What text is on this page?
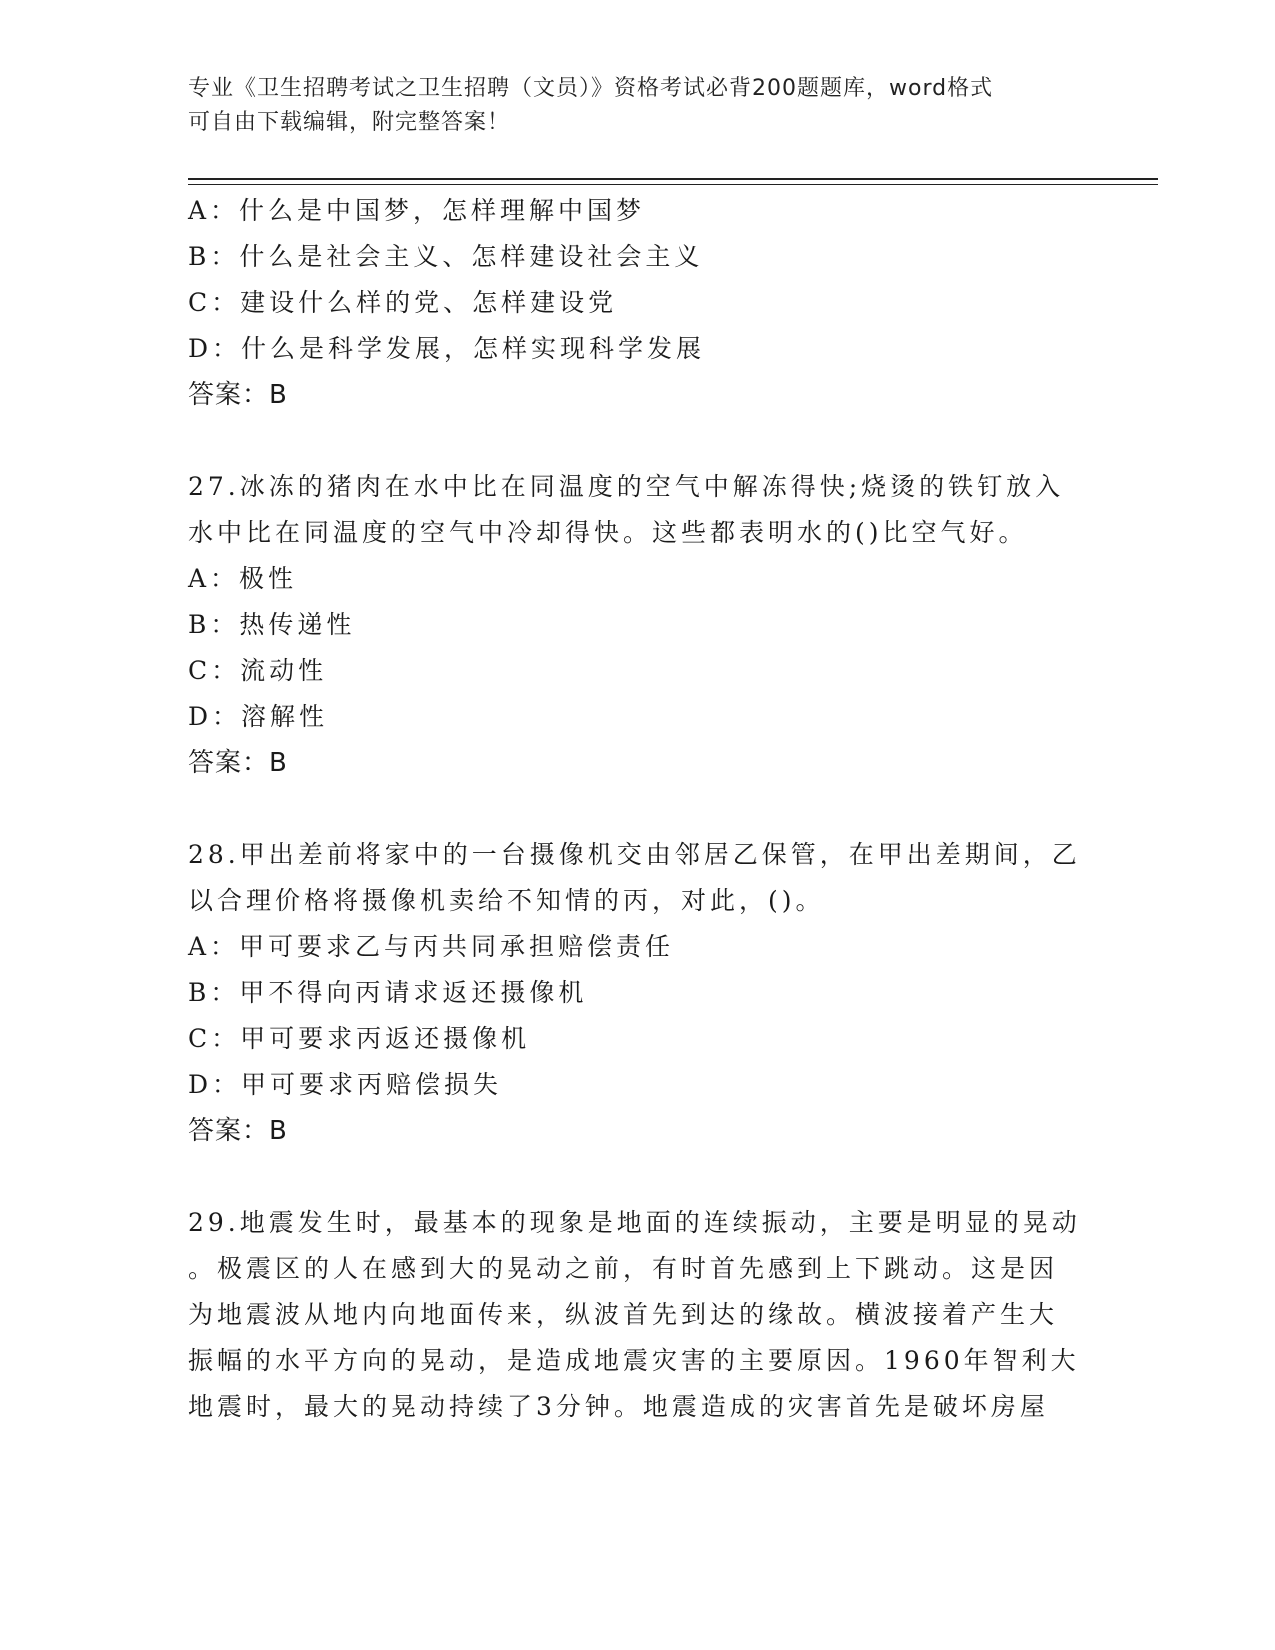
专业《卫生招聘考试之卫生招聘（文员）》资格考试必背200题题库，word格式
可自由下载编辑，附完整答案！
A：什么是中国梦，怎样理解中国梦
B：什么是社会主义、怎样建设社会主义
C：建设什么样的党、怎样建设党
D：什么是科学发展，怎样实现科学发展
答案：B
27.冰冻的猪肉在水中比在同温度的空气中解冻得快;烧烫的铁钉放入
水中比在同温度的空气中冷却得快。这些都表明水的()比空气好。
A：极性
B：热传递性
C：流动性
D：溶解性
答案：B
28.甲出差前将家中的一台摄像机交由邻居乙保管，在甲出差期间，乙
以合理价格将摄像机卖给不知情的丙，对此，()。
A：甲可要求乙与丙共同承担赔偿责任
B：甲不得向丙请求返还摄像机
C：甲可要求丙返还摄像机
D：甲可要求丙赔偿损失
答案：B
29.地震发生时，最基本的现象是地面的连续振动，主要是明显的晃动
。极震区的人在感到大的晃动之前，有时首先感到上下跳动。这是因
为地震波从地内向地面传来，纵波首先到达的缘故。横波接着产生大
振幅的水平方向的晃动，是造成地震灾害的主要原因。1960年智利大
地震时，最大的晃动持续了3分钟。地震造成的灾害首先是破坏房屋
